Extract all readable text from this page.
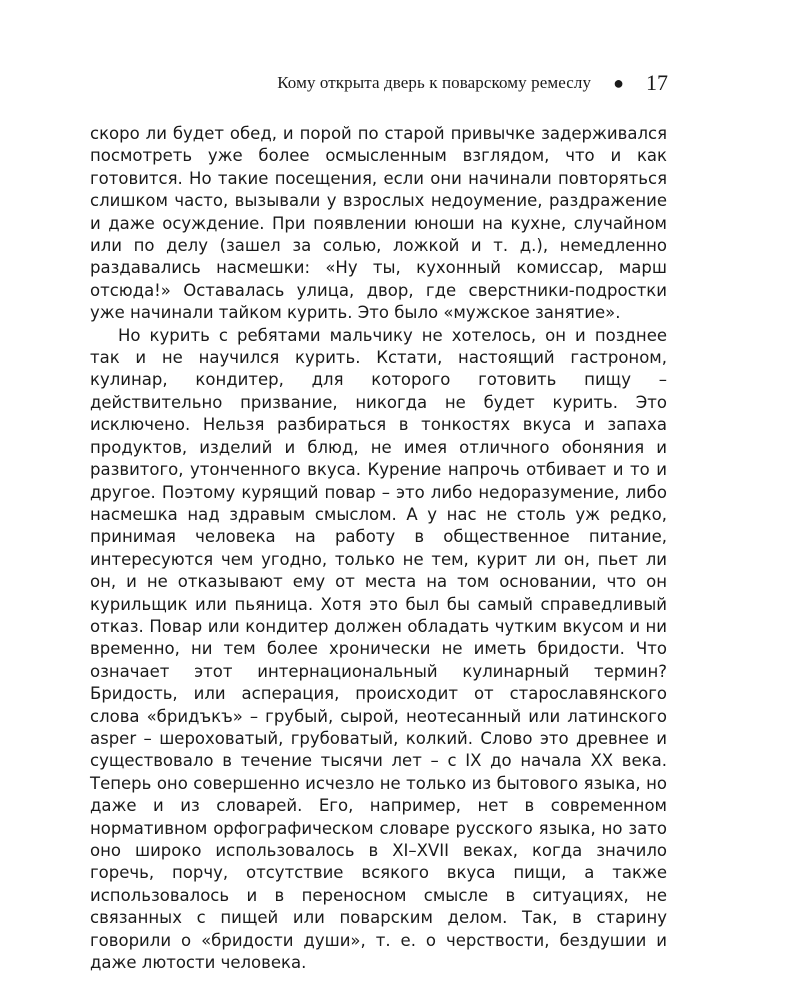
Кому открыта дверь к поварскому ремеслу ● 17

скоро ли будет обед, и порой по старой привычке задерживался посмотреть уже более осмысленным взглядом, что и как готовится. Но такие посещения, если они начинали повторяться слишком часто, вызывали у взрослых недоумение, раздражение и даже осуждение. При появлении юноши на кухне, случайном или по делу (зашел за солью, ложкой и т. д.), немедленно раздавались насмешки: «Ну ты, кухонный комиссар, марш отсюда!» Оставалась улица, двор, где сверстники-подростки уже начинали тайком курить. Это было «мужское занятие».

Но курить с ребятами мальчику не хотелось, он и позднее так и не научился курить. Кстати, настоящий гастроном, кулинар, кондитер, для которого готовить пищу – действительно призвание, никогда не будет курить. Это исключено. Нельзя разбираться в тонкостях вкуса и запаха продуктов, изделий и блюд, не имея отличного обоняния и развитого, утонченного вкуса. Курение напрочь отбивает и то и другое. Поэтому курящий повар – это либо недоразумение, либо насмешка над здравым смыслом. А у нас не столь уж редко, принимая человека на работу в общественное питание, интересуются чем угодно, только не тем, курит ли он, пьет ли он, и не отказывают ему от места на том основании, что он курильщик или пьяница. Хотя это был бы самый справедливый отказ. Повар или кондитер должен обладать чутким вкусом и ни временно, ни тем более хронически не иметь бридости. Что означает этот интернациональный кулинарный термин? Бридость, или асперация, происходит от старославянского слова «бридъкъ» – грубый, сырой, неотесанный или латинского asper – шероховатый, грубоватый, колкий. Слово это древнее и существовало в течение тысячи лет – с IX до начала XX века. Теперь оно совершенно исчезло не только из бытового языка, но даже и из словарей. Его, например, нет в современном нормативном орфографическом словаре русского языка, но зато оно широко использовалось в XI–XVII веках, когда значило горечь, порчу, отсутствие всякого вкуса пищи, а также использовалось и в переносном смысле в ситуациях, не связанных с пищей или поварским делом. Так, в старину говорили о «бридости души», т. е. о черствости, бездушии и даже лютости человека.
